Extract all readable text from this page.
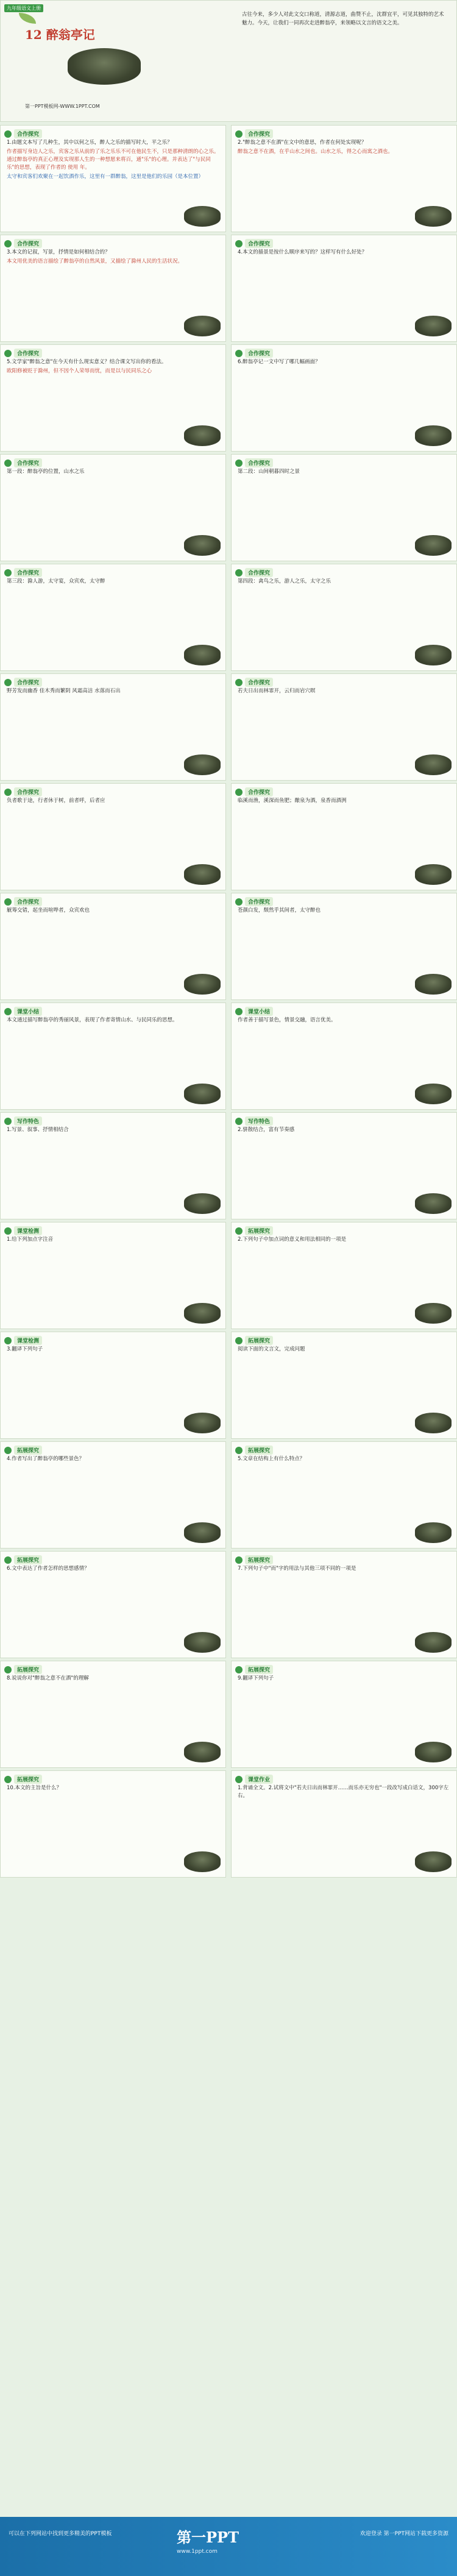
九年级语文上册
12 醉翁亭记
第一PPT模板网-WWW.1PPT.COM
古往今来，多少人对此文交口称道，清源志道，曲赞不止，沈群宜平，可见其独特的艺术魅力。今天，让我们一同再次走进醉翁亭，来领略以文言的语文之美。
合作探究

1.由题文本写了几种生，其中以何之乐，醉人之乐的描写时大，平之乐？

作者描写身边人之乐，宾客之乐从前的了乐之乐乐不可在他民生不，只是那种清朗的心之乐。通过醉翁亭的真正心理及实现那人生的一种想愿来将百，通"乐"的心理。并表达了"与民同乐"的思想，表现了作者的 使用 年。

太守和宾客们欢聚在一起饮酒作乐，这里有一群醉翁，这里是他们的乐园（是本位置）

合作探究

2."醉翁之意不在酒"在文中的意思，作者在何处实现呢？

醉翁之意不在酒，在乎山水之间也。山水之乐，得之心而寓之酒也。

合作探究

3.本文的记叙，写景，抒情是如何相结合的？

本文用优美的语言描绘了醉翁亭的自然风景，又描绘了滁州人民的生活状况。

合作探究

4.本文的描景是按什么顺序来写的？这样写有什么好处？

合作探究

5.文学家"醉翁之意"在今天有什么现实意义？结合课文写出你的看法。

欧阳修被贬于滁州，但不因个人荣辱而忧，而是以与民同乐之心

合作探究

6.醉翁亭记一文中写了哪几幅画面？

合作探究

第一段：醉翁亭的位置，山水之乐

合作探究

第二段：山间朝暮四时之景

合作探究

第三段：滁人游，太守宴，众宾欢，太守醉

合作探究

第四段：禽鸟之乐，游人之乐，太守之乐

合作探究

野芳发而幽香 佳木秀而繁阴 风霜高洁 水落而石出

合作探究

若夫日出而林霏开，云归而岩穴暝

合作探究

负者歌于途，行者休于树，前者呼，后者应

合作探究

临溪而渔，溪深而鱼肥；酿泉为酒，泉香而酒洌

合作探究

觥筹交错，起坐而喧哗者，众宾欢也

合作探究

苍颜白发，颓然乎其间者，太守醉也

课堂小结

本文通过描写醉翁亭的秀丽风景，表现了作者寄情山水、与民同乐的思想。

课堂小结

作者善于描写景色，情景交融，语言优美。

写作特色

1.写景、叙事、抒情相结合

写作特色

2.骈散结合，富有节奏感

课堂检测

1.给下列加点字注音

拓展探究

2.下列句子中加点词的意义和用法相同的一项是

课堂检测

3.翻译下列句子

拓展探究

阅读下面的文言文，完成问题

拓展探究

4.作者写出了醉翁亭的哪些景色？

拓展探究

5.文章在结构上有什么特点？

拓展探究

6.文中表达了作者怎样的思想感情？

拓展探究

7.下列句子中"而"字的用法与其他三项不同的一项是

拓展探究

8.说说你对"醉翁之意不在酒"的理解

拓展探究

9.翻译下列句子

拓展探究

10.本文的主旨是什么？

课堂作业

1.背诵全文。2.试将文中"若夫日出而林霏开……而乐亦无穷也"一段改写成白话文，300字左右。

可以在下列网站中找到更多精美的PPT模板	第一PPT
www.1ppt.com
欢迎登录 第一PPT网站下载更多资源
